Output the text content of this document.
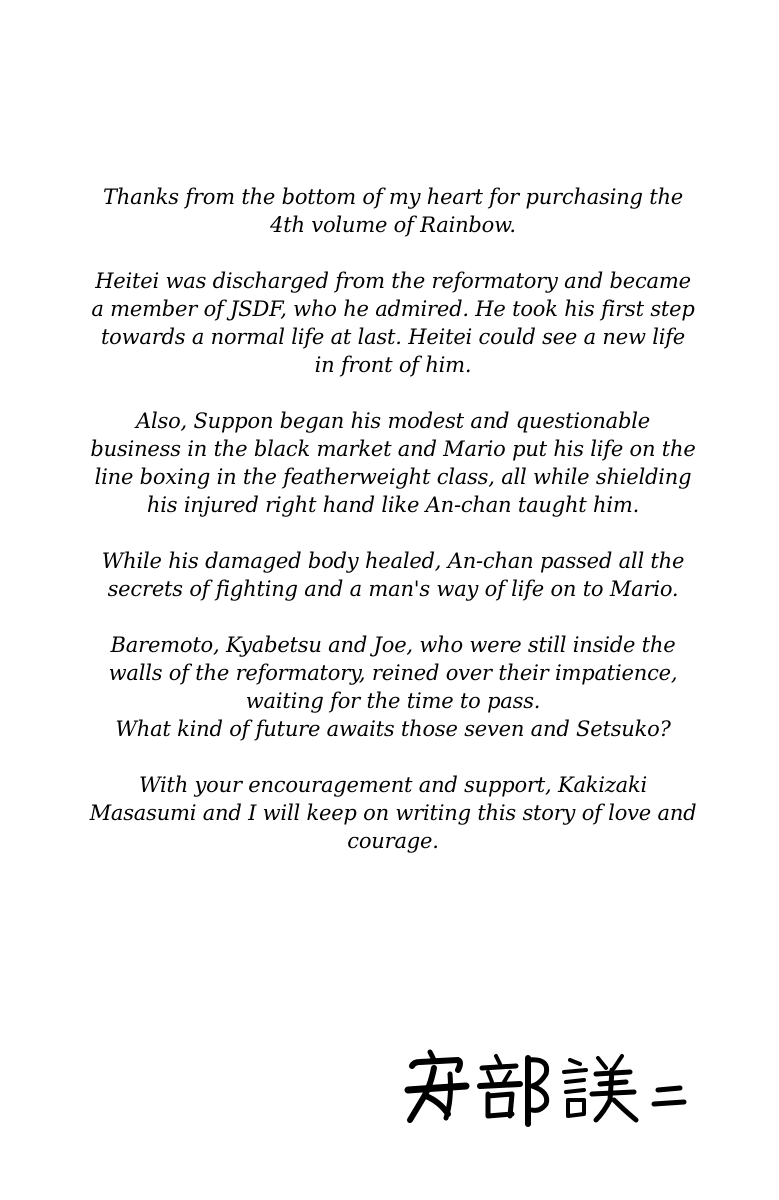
Thanks from the bottom of my heart for purchasing the 4th volume of Rainbow.

Heitei was discharged from the reformatory and became a member of JSDF, who he admired. He took his first step towards a normal life at last. Heitei could see a new life in front of him.

Also, Suppon began his modest and questionable business in the black market and Mario put his life on the line boxing in the featherweight class, all while shielding his injured right hand like An-chan taught him.

While his damaged body healed, An-chan passed all the secrets of fighting and a man's way of life on to Mario.

Baremoto, Kyabetsu and Joe, who were still inside the walls of the reformatory, reined over their impatience, waiting for the time to pass.

What kind of future awaits those seven and Setsuko?

With your encouragement and support, Kakizaki Masasumi and I will keep on writing this story of love and courage.
